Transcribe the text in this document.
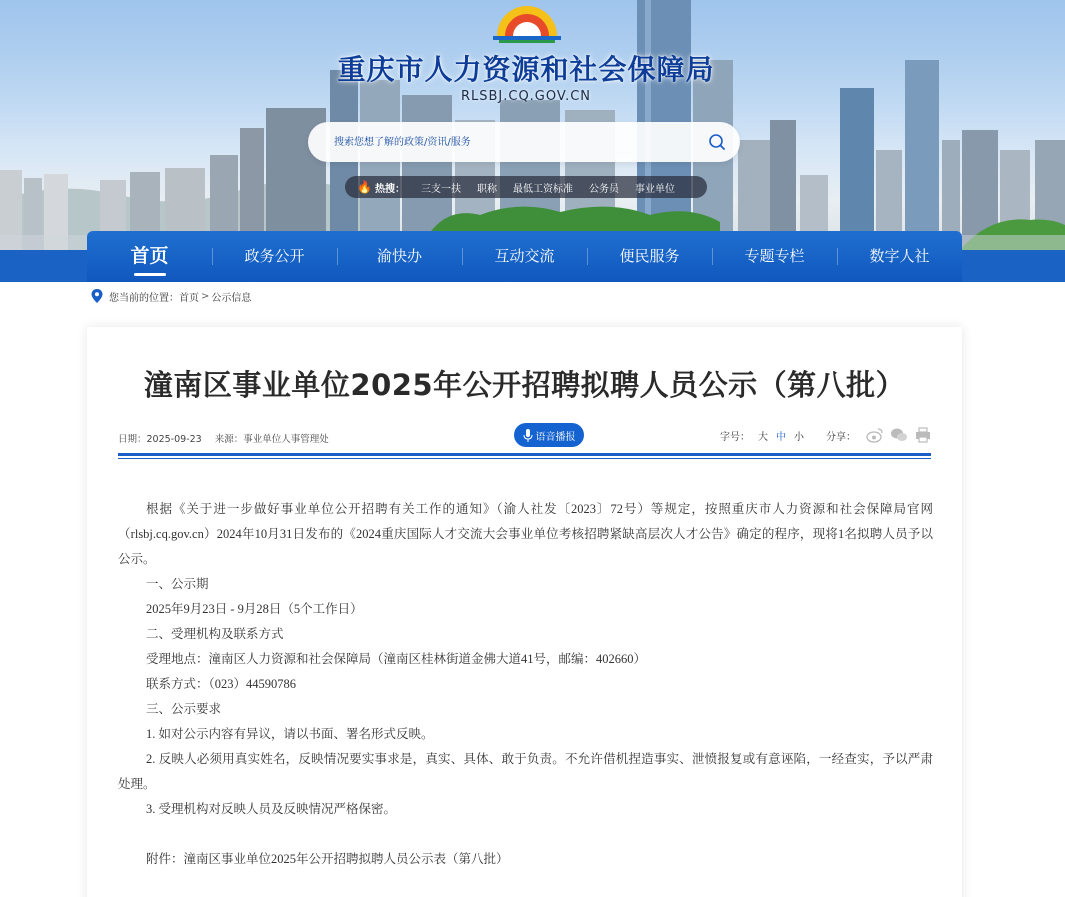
重庆市人力资源和社会保障局
RLSBJ.CQ.GOV.CN
搜索您想了解的政策/资讯/服务
🔥 热搜： 三支一扶 职称 最低工资标准 公务员 事业单位
首页	政务公开	渝快办	互动交流	便民服务	专题专栏	数字人社
您当前的位置： 首页 > 公示信息
潼南区事业单位2025年公开招聘拟聘人员公示（第八批）
日期：2025-09-23 来源：事业单位人事管理处	语音播报	字号： 大 中 小 分享：

根据《关于进一步做好事业单位公开招聘有关工作的通知》（渝人社发〔2023〕72号）等规定，按照重庆市人力资源和社会保障局官网（rlsbj.cq.gov.cn）2024年10月31日发布的《2024重庆国际人才交流大会事业单位考核招聘紧缺高层次人才公告》确定的程序，现将1名拟聘人员予以公示。

一、公示期

2025年9月23日 - 9月28日（5个工作日）

二、受理机构及联系方式

受理地点：潼南区人力资源和社会保障局（潼南区桂林街道金佛大道41号，邮编：402660）

联系方式：（023）44590786

三、公示要求

1. 如对公示内容有异议，请以书面、署名形式反映。

2. 反映人必须用真实姓名，反映情况要实事求是，真实、具体、敢于负责。不允许借机捏造事实、泄愤报复或有意诬陷，一经查实，予以严肃处理。

3. 受理机构对反映人员及反映情况严格保密。

附件：潼南区事业单位2025年公开招聘拟聘人员公示表（第八批）
